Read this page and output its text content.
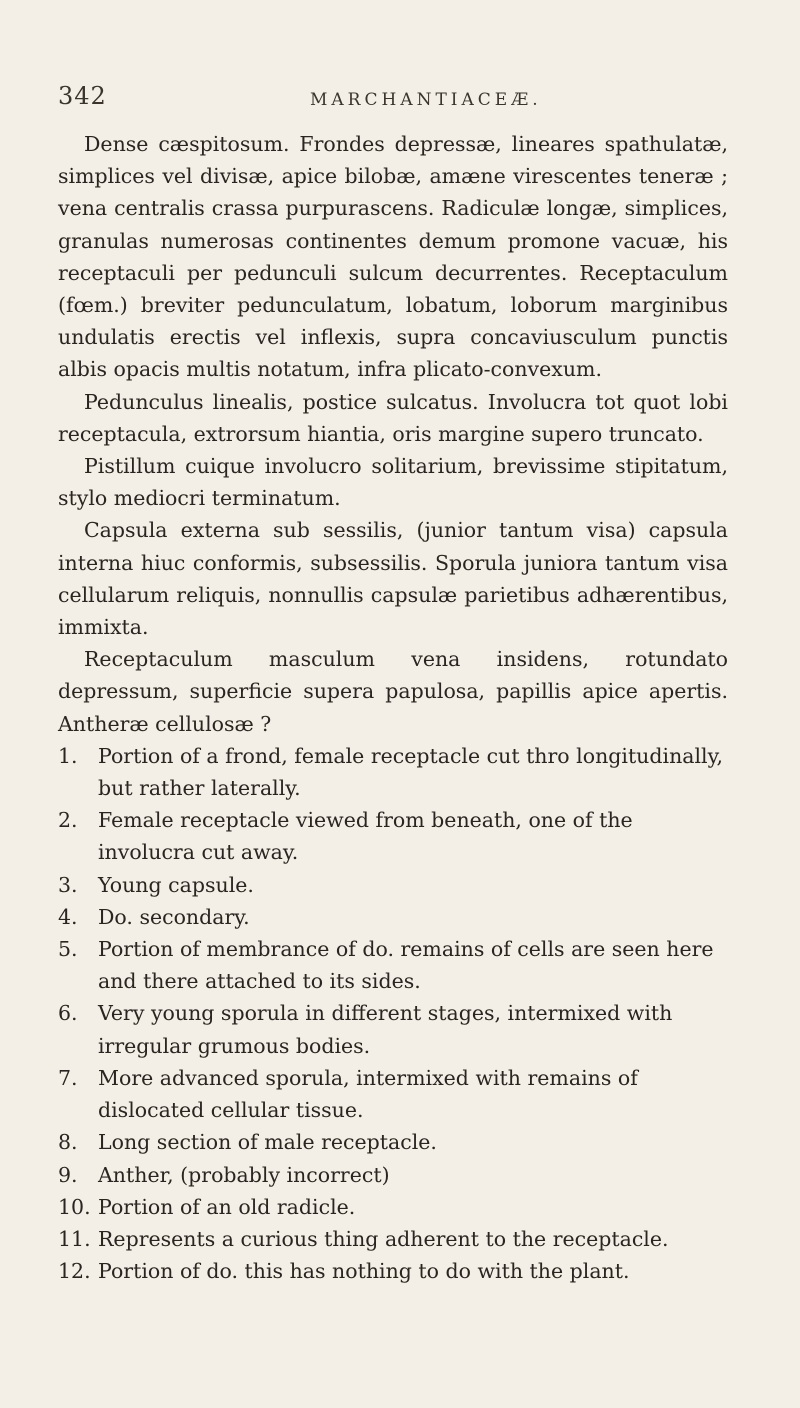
342	MARCHANTIACEÆ.

Dense cæspitosum. Frondes depressæ, lineares spathulatæ, simplices vel divisæ, apice bilobæ, amæne virescentes teneræ ; vena centralis crassa purpurascens. Radiculæ longæ, simplices, granulas numerosas continentes demum promone vacuæ, his receptaculi per pedunculi sulcum decurrentes. Receptaculum (fœm.) breviter pedunculatum, lobatum, loborum marginibus undulatis erectis vel inflexis, supra concaviusculum punctis albis opacis multis notatum, infra plicato-convexum.

Pedunculus linealis, postice sulcatus. Involucra tot quot lobi receptacula, extrorsum hiantia, oris margine supero truncato.

Pistillum cuique involucro solitarium, brevissime stipitatum, stylo mediocri terminatum.

Capsula externa sub sessilis, (junior tantum visa) capsula interna hiuc conformis, subsessilis. Sporula juniora tantum visa cellularum reliquis, nonnullis capsulæ parietibus adhærentibus, immixta.

Receptaculum masculum vena insidens, rotundato depressum, superficie supera papulosa, papillis apice apertis. Antheræ cellulosæ ?

1. Portion of a frond, female receptacle cut thro longitudinally, but rather laterally.
2. Female receptacle viewed from beneath, one of the involucra cut away.
3. Young capsule.
4. Do. secondary.
5. Portion of membrance of do. remains of cells are seen here and there attached to its sides.
6. Very young sporula in different stages, intermixed with irregular grumous bodies.
7. More advanced sporula, intermixed with remains of dislocated cellular tissue.
8. Long section of male receptacle.
9. Anther, (probably incorrect)
10. Portion of an old radicle.
11. Represents a curious thing adherent to the receptacle.
12. Portion of do. this has nothing to do with the plant.
